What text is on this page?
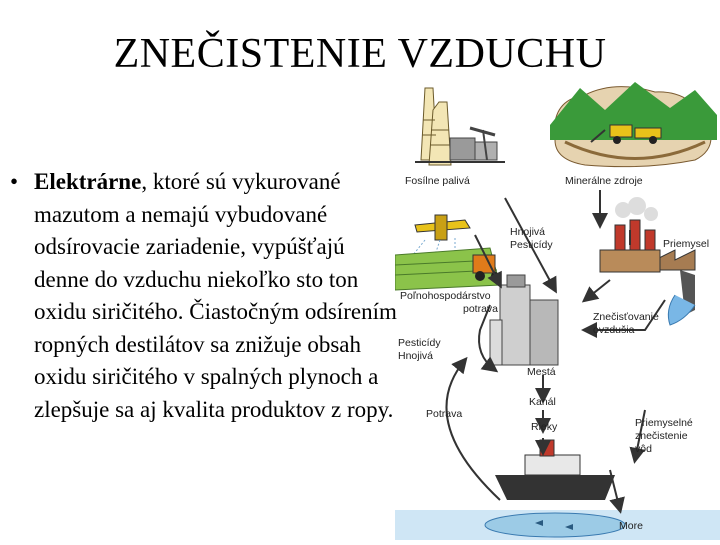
ZNEČISTENIE VZDUCHU
• Elektrárne, ktoré sú vykurované mazutom a nemajú vybudované odsírovacie zariadenie, vypúšťajú denne do vzduchu niekoľko sto ton oxidu siričitého. Čiastočným odsírením ropných destilátov sa znižuje obsah oxidu siričitého v spalných plynoch a zlepšuje sa aj kvalita produktov z ropy.
Fosílne palivá	Minerálne zdroje
Hnojivá
Pesticídy	Priemysel
Poľnohospodárstvo
potrava
Znečisťovanie
ovzdušia
Pesticídy
Hnojivá
Mestá
Kanál
Potrava
Rieky	Priemyselné
znečistenie
vôd
More
